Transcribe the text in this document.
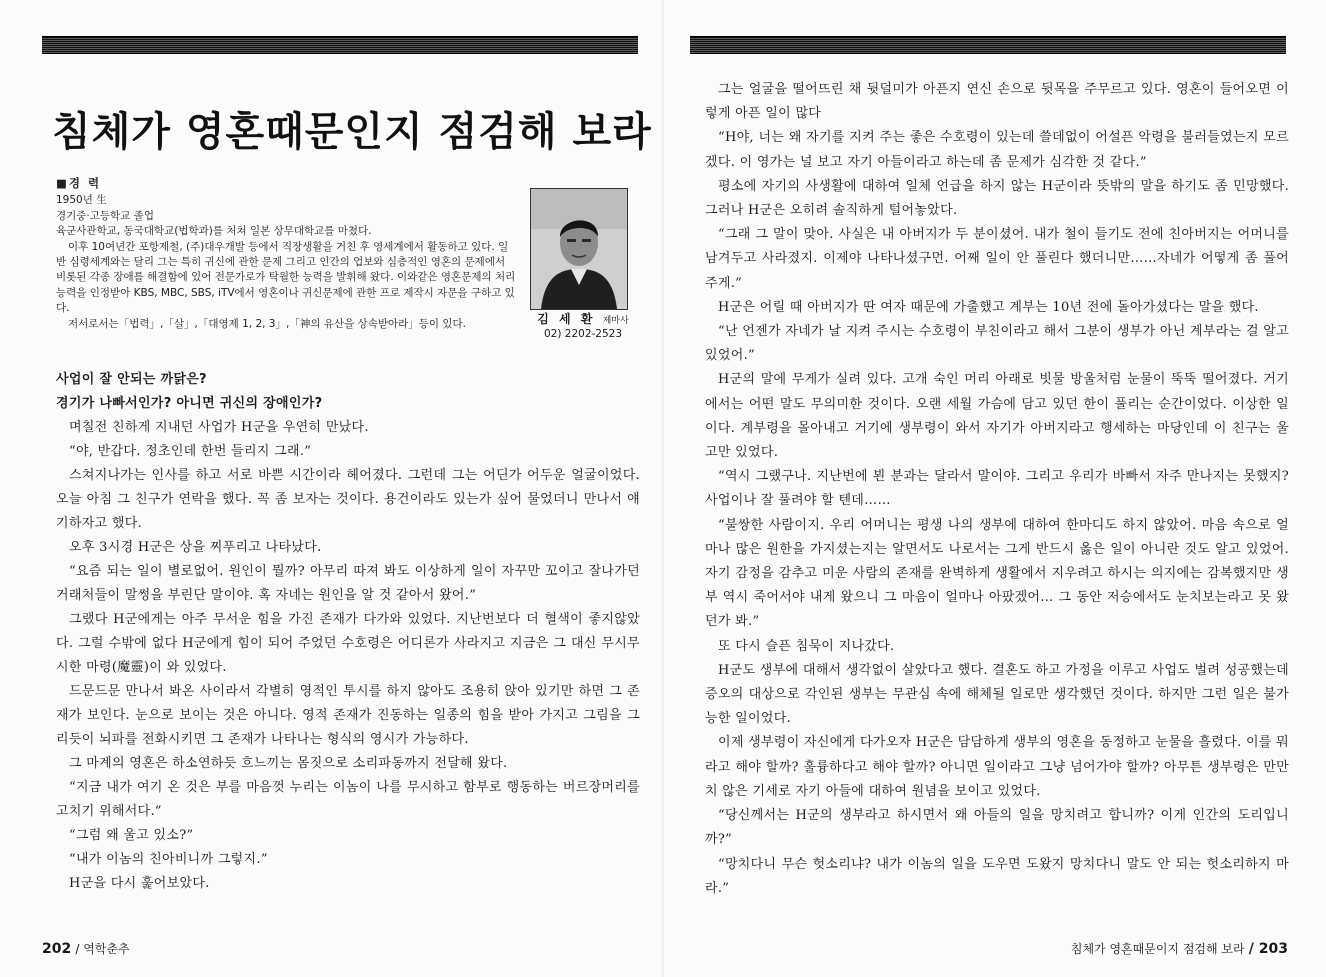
침체가 영혼때문인지 점검해 보라
■경 력

1950년 生

경기중·고등학교 졸업

육군사관학교, 동국대학교(법학과)를 처쳐 일본 상무대학교를 마쳤다.

이후 10여년간 포항제철, (주)대우개발 등에서 직장생활을 거친 후 영세계에서 활동하고 있다. 일반 심령세계와는 달리 그는 특히 귀신에 관한 문제 그리고 인간의 업보와 심층적인 영혼의 문제에서 비롯된 각종 장애를 해결함에 있어 전문가로가 탁월한 능력을 발휘해 왔다. 이와같은 영혼문제의 처리능력을 인정받아 KBS, MBC, SBS, iTV에서 영혼이나 귀신문제에 관한 프로 제작시 자문을 구하고 있다.

저서로서는「법력」,「살」,「대영제 1, 2, 3」,「神의 유산을 상속받아라」등이 있다.	김 세 환 제마사
02) 2202-2523

사업이 잘 안되는 까닭은?

경기가 나빠서인가? 아니면 귀신의 장애인가?

며칠전 친하게 지내던 사업가 H군을 우연히 만났다.

“야, 반갑다. 정초인데 한번 들리지 그래.”

스쳐지나가는 인사를 하고 서로 바쁜 시간이라 헤어졌다. 그런데 그는 어딘가 어두운 얼굴이었다. 오늘 아침 그 친구가 연락을 했다. 꼭 좀 보자는 것이다. 용건이라도 있는가 싶어 물었더니 만나서 얘기하자고 했다.

오후 3시경 H군은 상을 찌푸리고 나타났다.

“요즘 되는 일이 별로없어. 원인이 뭘까? 아무리 따져 봐도 이상하게 일이 자꾸만 꼬이고 잘나가던 거래처들이 말썽을 부린단 말이야. 혹 자네는 원인을 알 것 같아서 왔어.”

그랬다 H군에게는 아주 무서운 힘을 가진 존재가 다가와 있었다. 지난번보다 더 혈색이 좋지않았다. 그럴 수밖에 없다 H군에게 힘이 되어 주었던 수호령은 어디론가 사라지고 지금은 그 대신 무시무시한 마령(魔靈)이 와 있었다.

드문드문 만나서 봐온 사이라서 각별히 영적인 투시를 하지 않아도 조용히 앉아 있기만 하면 그 존재가 보인다. 눈으로 보이는 것은 아니다. 영적 존재가 진동하는 일종의 힘을 받아 가지고 그림을 그리듯이 뇌파를 전화시키면 그 존재가 나타나는 형식의 영시가 가능하다.

그 마계의 영혼은 하소연하듯 흐느끼는 몸짓으로 소리파동까지 전달해 왔다.

“지금 내가 여기 온 것은 부를 마음껏 누리는 이놈이 나를 무시하고 함부로 행동하는 버르장머리를 고치기 위해서다.”

“그럼 왜 울고 있소?”

“내가 이놈의 친아비니까 그렇지.”

H군을 다시 훑어보았다.

202 / 역학춘추

그는 얼굴을 떨어뜨린 채 뒷덜미가 아픈지 연신 손으로 뒷목을 주무르고 있다. 영혼이 들어오면 이렇게 아픈 일이 많다

“H야, 너는 왜 자기를 지켜 주는 좋은 수호령이 있는데 쓸데없이 어설픈 악령을 불러들였는지 모르겠다. 이 영가는 널 보고 자기 아들이라고 하는데 좀 문제가 심각한 것 같다.”

평소에 자기의 사생활에 대하여 일체 언급을 하지 않는 H군이라 뜻밖의 말을 하기도 좀 민망했다. 그러나 H군은 오히려 솔직하게 털어놓았다.

“그래 그 말이 맞아. 사실은 내 아버지가 두 분이셨어. 내가 철이 들기도 전에 친아버지는 어머니를 남겨두고 사라졌지. 이제야 나타나셨구먼. 어째 일이 안 풀린다 했더니만……자네가 어떻게 좀 풀어 주게.”

H군은 어릴 때 아버지가 딴 여자 때문에 가출했고 계부는 10년 전에 돌아가셨다는 말을 했다.

“난 언젠가 자네가 날 지켜 주시는 수호령이 부친이라고 해서 그분이 생부가 아닌 계부라는 걸 알고 있었어.”

H군의 말에 무게가 실려 있다. 고개 숙인 머리 아래로 빗물 방울처럼 눈물이 뚝뚝 떨어졌다. 거기에서는 어떤 말도 무의미한 것이다. 오랜 세월 가슴에 담고 있던 한이 풀리는 순간이었다. 이상한 일이다. 계부령을 몰아내고 거기에 생부령이 와서 자기가 아버지라고 행세하는 마당인데 이 친구는 울고만 있었다.

“역시 그랬구나. 지난번에 뵌 분과는 달라서 말이야. 그리고 우리가 바빠서 자주 만나지는 못했지? 사업이나 잘 풀려야 할 텐데……

“불쌍한 사람이지. 우리 어머니는 평생 나의 생부에 대하여 한마디도 하지 않았어. 마음 속으로 얼마나 많은 원한을 가지셨는지는 알면서도 나로서는 그게 반드시 옳은 일이 아니란 것도 알고 있었어. 자기 감정을 감추고 미운 사람의 존재를 완벽하게 생활에서 지우려고 하시는 의지에는 감복했지만 생부 역시 죽어서야 내게 왔으니 그 마음이 얼마나 아팠겠어… 그 동안 저승에서도 눈치보는라고 못 왔던가 봐.”

또 다시 슬픈 침묵이 지나갔다.

H군도 생부에 대해서 생각없이 살았다고 했다. 결혼도 하고 가정을 이루고 사업도 벌려 성공했는데 증오의 대상으로 각인된 생부는 무관심 속에 해체될 일로만 생각했던 것이다. 하지만 그런 일은 불가능한 일이었다.

이제 생부령이 자신에게 다가오자 H군은 담담하게 생부의 영혼을 동정하고 눈물을 흘렸다. 이를 뭐라고 해야 할까? 훌륭하다고 해야 할까? 아니면 일이라고 그냥 넘어가야 할까? 아무튼 생부령은 만만치 않은 기세로 자기 아들에 대하여 원념을 보이고 있었다.

“당신께서는 H군의 생부라고 하시면서 왜 아들의 일을 망치려고 합니까? 이게 인간의 도리입니까?”

“망치다니 무슨 헛소리냐? 내가 이놈의 일을 도우면 도왔지 망치다니 말도 안 되는 헛소리하지 마라.”

침체가 영혼때문이지 점검해 보라 / 203
